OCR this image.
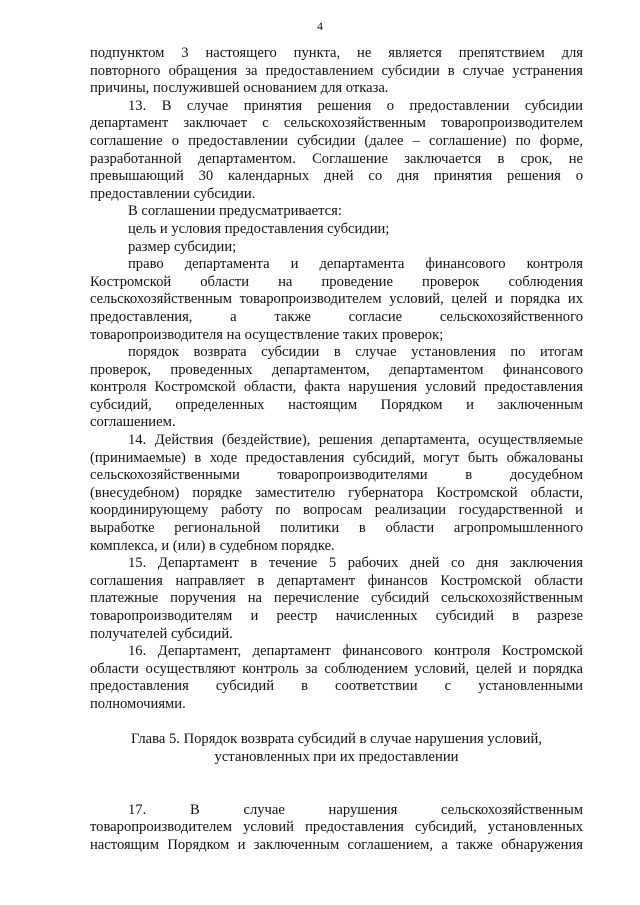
4
подпунктом 3 настоящего пункта, не является препятствием для
повторного обращения за предоставлением субсидии в случае устранения
причины, послужившей основанием для отказа.
13. В случае принятия решения о предоставлении субсидии
департамент заключает с сельскохозяйственным товаропроизводителем
соглашение о предоставлении субсидии (далее – соглашение) по форме,
разработанной департаментом. Соглашение заключается в срок, не
превышающий 30 календарных дней со дня принятия решения о
предоставлении субсидии.
В соглашении предусматривается:
цель и условия предоставления субсидии;
размер субсидии;
право департамента и департамента финансового контроля
Костромской области на проведение проверок соблюдения
сельскохозяйственным товаропроизводителем условий, целей и порядка их
предоставления, а также согласие сельскохозяйственного
товаропроизводителя на осуществление таких проверок;
порядок возврата субсидии в случае установления по итогам
проверок, проведенных департаментом, департаментом финансового
контроля Костромской области, факта нарушения условий предоставления
субсидий, определенных настоящим Порядком и заключенным
соглашением.
14. Действия (бездействие), решения департамента, осуществляемые
(принимаемые) в ходе предоставления субсидий, могут быть обжалованы
сельскохозяйственными товаропроизводителями в досудебном
(внесудебном) порядке заместителю губернатора Костромской области,
координирующему работу по вопросам реализации государственной и
выработке региональной политики в области агропромышленного
комплекса, и (или) в судебном порядке.
15. Департамент в течение 5 рабочих дней со дня заключения
соглашения направляет в департамент финансов Костромской области
платежные поручения на перечисление субсидий сельскохозяйственным
товаропроизводителям и реестр начисленных субсидий в разрезе
получателей субсидий.
16. Департамент, департамент финансового контроля Костромской
области осуществляют контроль за соблюдением условий, целей и порядка
предоставления субсидий в соответствии с установленными
полномочиями.
Глава 5. Порядок возврата субсидий в случае нарушения условий,
установленных при их предоставлении
17. В случае нарушения сельскохозяйственным
товаропроизводителем условий предоставления субсидий, установленных
настоящим Порядком и заключенным соглашением, а также обнаружения
